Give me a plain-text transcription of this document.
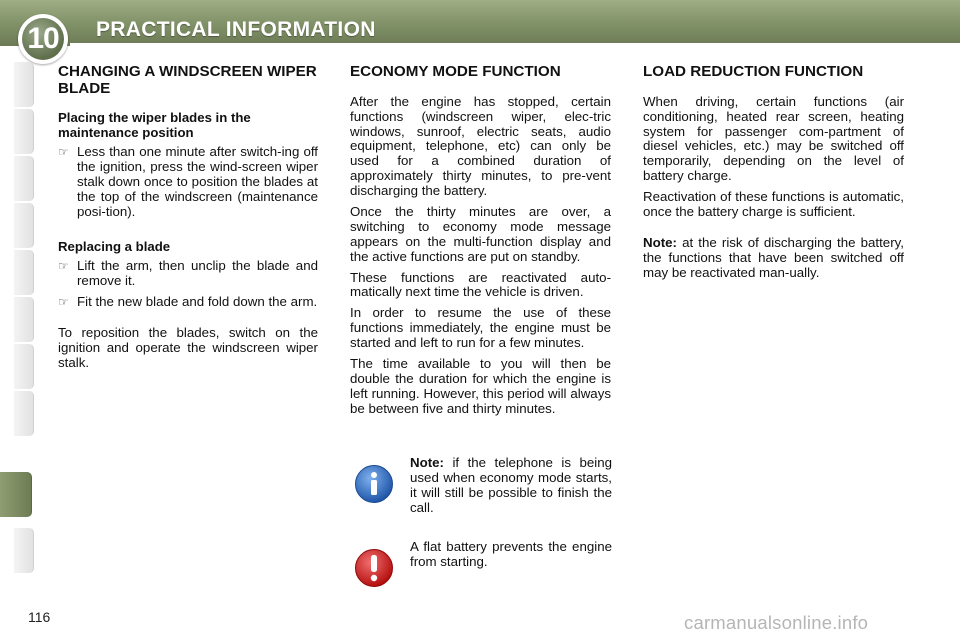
10 PRACTICAL INFORMATION
CHANGING A WINDSCREEN WIPER BLADE
Placing the wiper blades in the maintenance position
☞ Less than one minute after switch-ing off the ignition, press the wind-screen wiper stalk down once to position the blades at the top of the windscreen (maintenance posi-tion).
Replacing a blade
☞ Lift the arm, then unclip the blade and remove it.
☞ Fit the new blade and fold down the arm.

To reposition the blades, switch on the ignition and operate the windscreen wiper stalk.

ECONOMY MODE FUNCTION

After the engine has stopped, certain functions (windscreen wiper, elec-tric windows, sunroof, electric seats, audio equipment, telephone, etc) can only be used for a combined duration of approximately thirty minutes, to pre-vent discharging the battery.

Once the thirty minutes are over, a switching to economy mode message appears on the multi-function display and the active functions are put on standby.

These functions are reactivated auto-matically next time the vehicle is driven.

In order to resume the use of these functions immediately, the engine must be started and left to run for a few minutes.

The time available to you will then be double the duration for which the engine is left running. However, this period will always be between five and thirty minutes.

Note: if the telephone is being used when economy mode starts, it will still be possible to finish the call.
A flat battery prevents the engine from starting.
LOAD REDUCTION FUNCTION

When driving, certain functions (air conditioning, heated rear screen, heating system for passenger com-partment of diesel vehicles, etc.) may be switched off temporarily, depending on the level of battery charge.

Reactivation of these functions is automatic, once the battery charge is sufficient.

Note: at the risk of discharging the battery, the functions that have been switched off may be reactivated man-ually.

116	carmanualsonline.info
